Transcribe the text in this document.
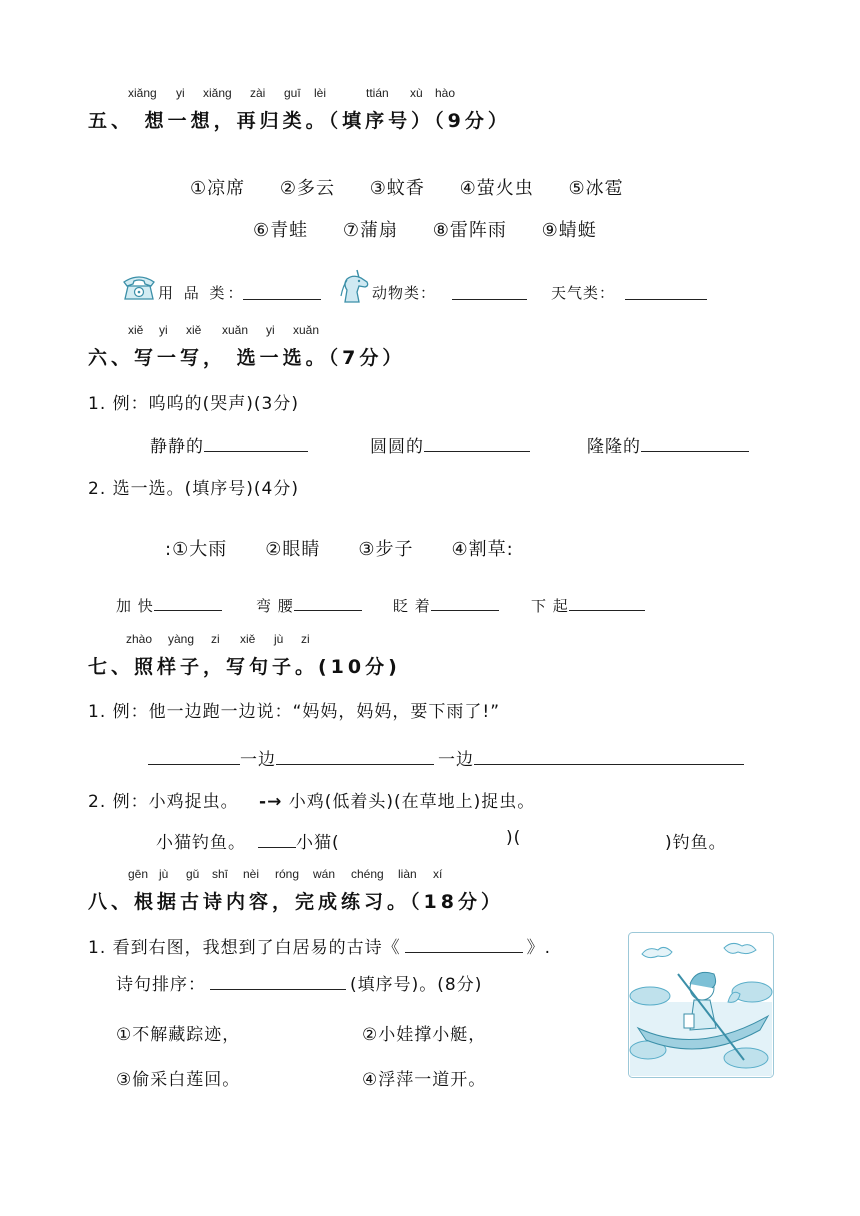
xiǎng yi xiǎng zài guī lèi	ttián xù hào
五、 想一想，再归类。（填序号）（9分）
①凉席 ②多云 ③蚊香 ④萤火虫 ⑤冰雹
⑥青蛙 ⑦蒲扇 ⑧雷阵雨 ⑨蜻蜓
用 品 类：	动物类：	天气类：
xiě yi xiě xuǎn yi xuǎn
六、写一写， 选一选。（7分）
1. 例：呜呜的(哭声)(3分)
静静的	圆圆的	隆隆的
2. 选一选。(填序号)(4分)
:①大雨　　②眼睛　　③步子　　④割草:
加 快	弯 腰	眨 着	下 起
zhào yàng zi xiě jù zi
七、照样子，写句子。(10分)
1. 例：他一边跑一边说：“妈妈，妈妈，要下雨了!”
一边	一边
2. 例：小鸡捉虫。 -→ 小鸡(低着头)(在草地上)捉虫。
小猫钓鱼。	小猫(	)(	)钓鱼。
gēn jù gǔ shī nèi róng wán chéng liàn xí
八、根据古诗内容，完成练习。（18分）
1. 看到右图，我想到了白居易的古诗《	》.
诗句排序：	(填序号)。(8分)
①不解藏踪迹，	②小娃撑小艇，
③偷采白莲回。	④浮萍一道开。
